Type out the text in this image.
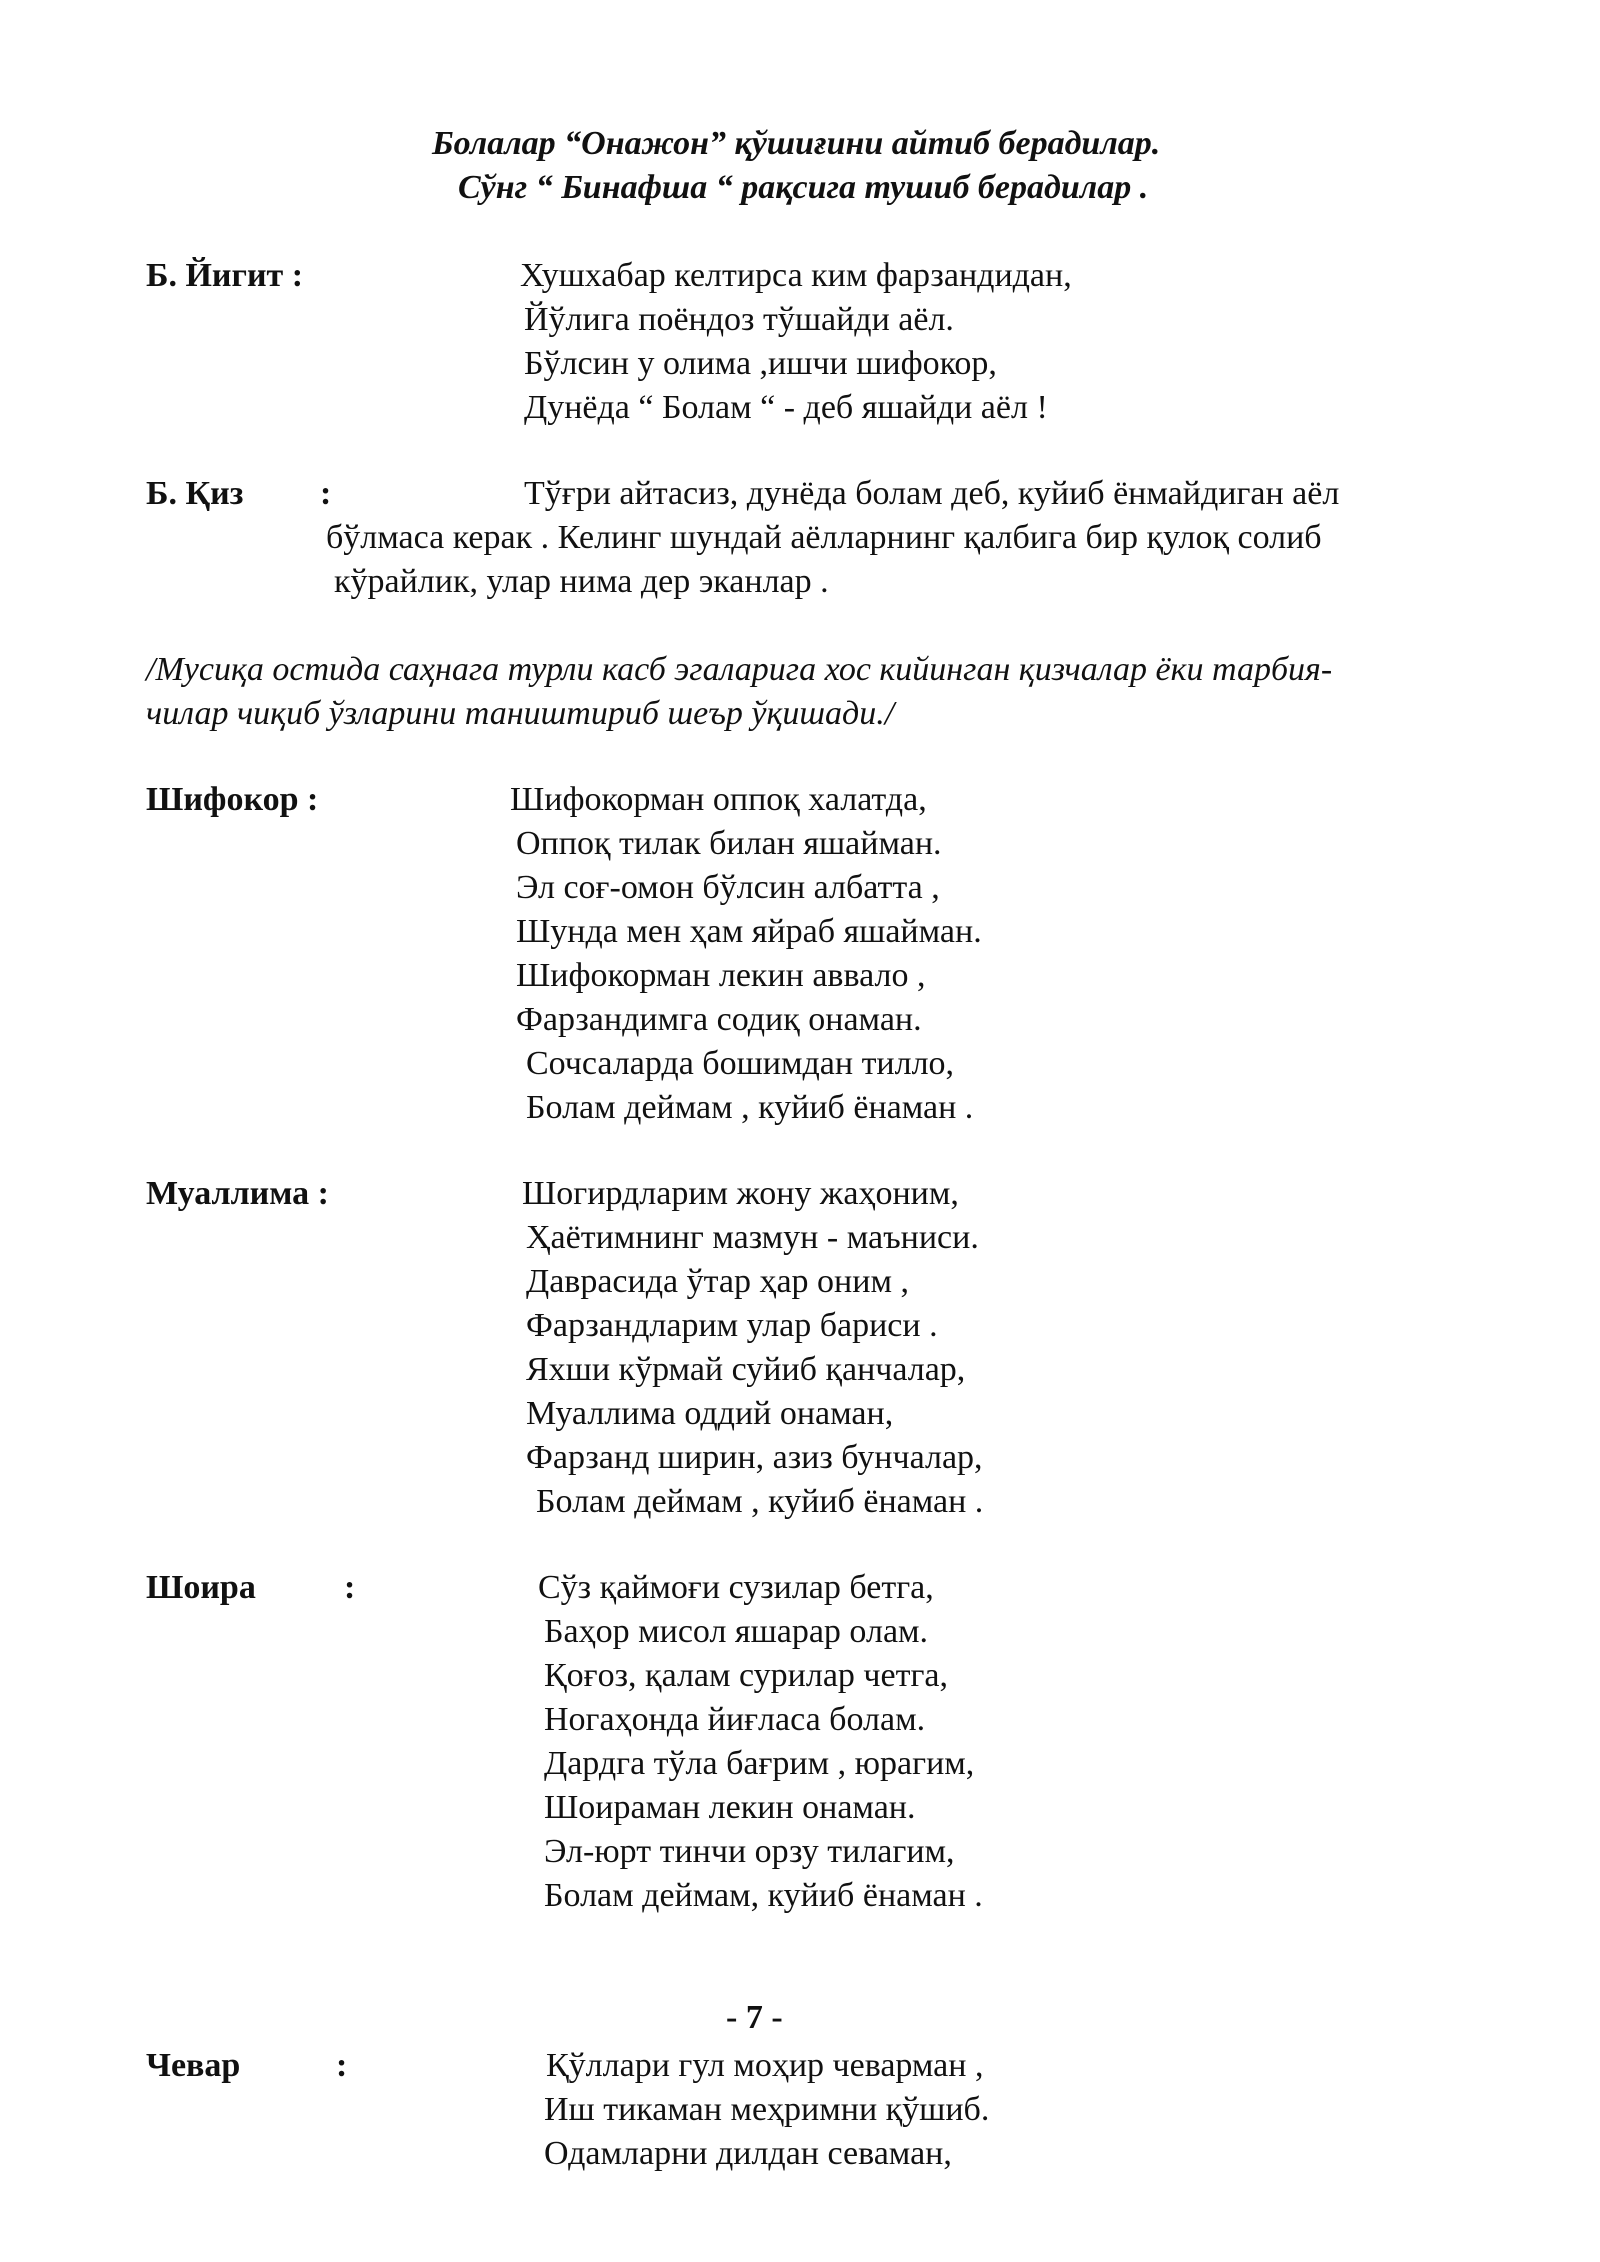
Болалар “Онажон” қўшиғини айтиб берадилар.
Сўнг “ Бинафша “ рақсига тушиб берадилар .
Б. Йигит :	Хушхабар келтирса ким фарзандидан,
Йўлига поёндоз тўшайди аёл.
Бўлсин у олима ,ишчи шифокор,
Дунёда “ Болам “ - деб яшайди аёл !
Б. Қиз :	Тўғри айтасиз, дунёда болам деб, куйиб ёнмайдиган аёл
бўлмаса керак . Келинг шундай аёлларнинг қалбига бир қулоқ солиб
кўрайлик, улар нима дер эканлар .
/Мусиқа остида саҳнага турли касб эгаларига хос кийинган қизчалар ёки тарбия-
чилар чиқиб ўзларини таништириб шеър ўқишади./
Шифокор :	Шифокорман оппоқ халатда,
Оппоқ тилак билан яшайман.
Эл соғ-омон бўлсин албатта ,
Шунда мен ҳам яйраб яшайман.
Шифокорман лекин аввало ,
Фарзандимга содиқ онаман.
Сочсаларда бошимдан тилло,
Болам деймам , куйиб ёнаман .
Муаллима :	Шогирдларим жону жаҳоним,
Ҳаётимнинг мазмун - маъниси.
Даврасида ўтар ҳар оним ,
Фарзандларим улар бариси .
Яхши кўрмай суйиб қанчалар,
Муаллима оддий онаман,
Фарзанд ширин, азиз бунчалар,
Болам деймам , куйиб ёнаман .
Шоира	:	Сўз қаймоғи сузилар бетга,
Баҳор мисол яшарар олам.
Қоғоз, қалам сурилар четга,
Ногаҳонда йиғласа болам.
Дардга тўла бағрим , юрагим,
Шоираман лекин онаман.
Эл-юрт тинчи орзу тилагим,
Болам деймам, куйиб ёнаман .
- 7 -
Чевар	:	Қўллари гул моҳир чеварман ,
Иш тикаман меҳримни қўшиб.
Одамларни дилдан севаман,
